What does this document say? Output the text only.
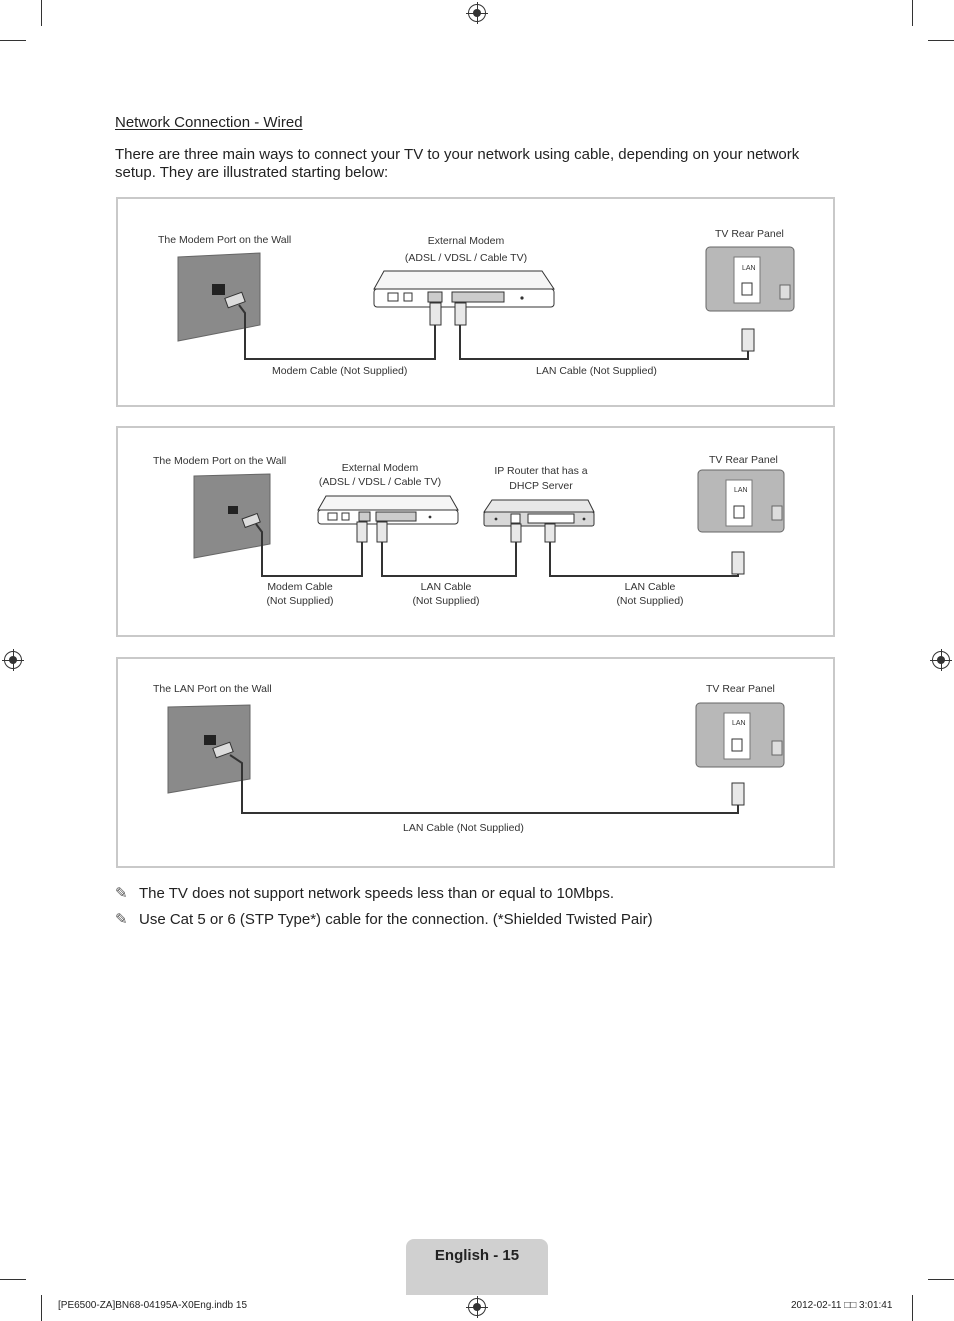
Network Connection - Wired

There are three main ways to connect your TV to your network using cable, depending on your network setup. They are illustrated starting below:

The Modem Port on the Wall	External Modem
(ADSL / VDSL / Cable TV)
TV Rear Panel
LAN
Modem Cable (Not Supplied)	LAN Cable (Not Supplied)
The Modem Port on the Wall
External Modem
(ADSL / VDSL / Cable TV)
IP Router that has a
DHCP Server
TV Rear Panel
LAN
Modem Cable
(Not Supplied)
LAN Cable
(Not Supplied)
LAN Cable
(Not Supplied)
The LAN Port on the Wall	TV Rear Panel
LAN
LAN Cable (Not Supplied)
✎ The TV does not support network speeds less than or equal to 10Mbps.
✎ Use Cat 5 or 6 (STP Type*) cable for the connection. (*Shielded Twisted Pair)
English - 15
[PE6500-ZA]BN68-04195A-X0Eng.indb 15	2012-02-11 □□ 3:01:41
